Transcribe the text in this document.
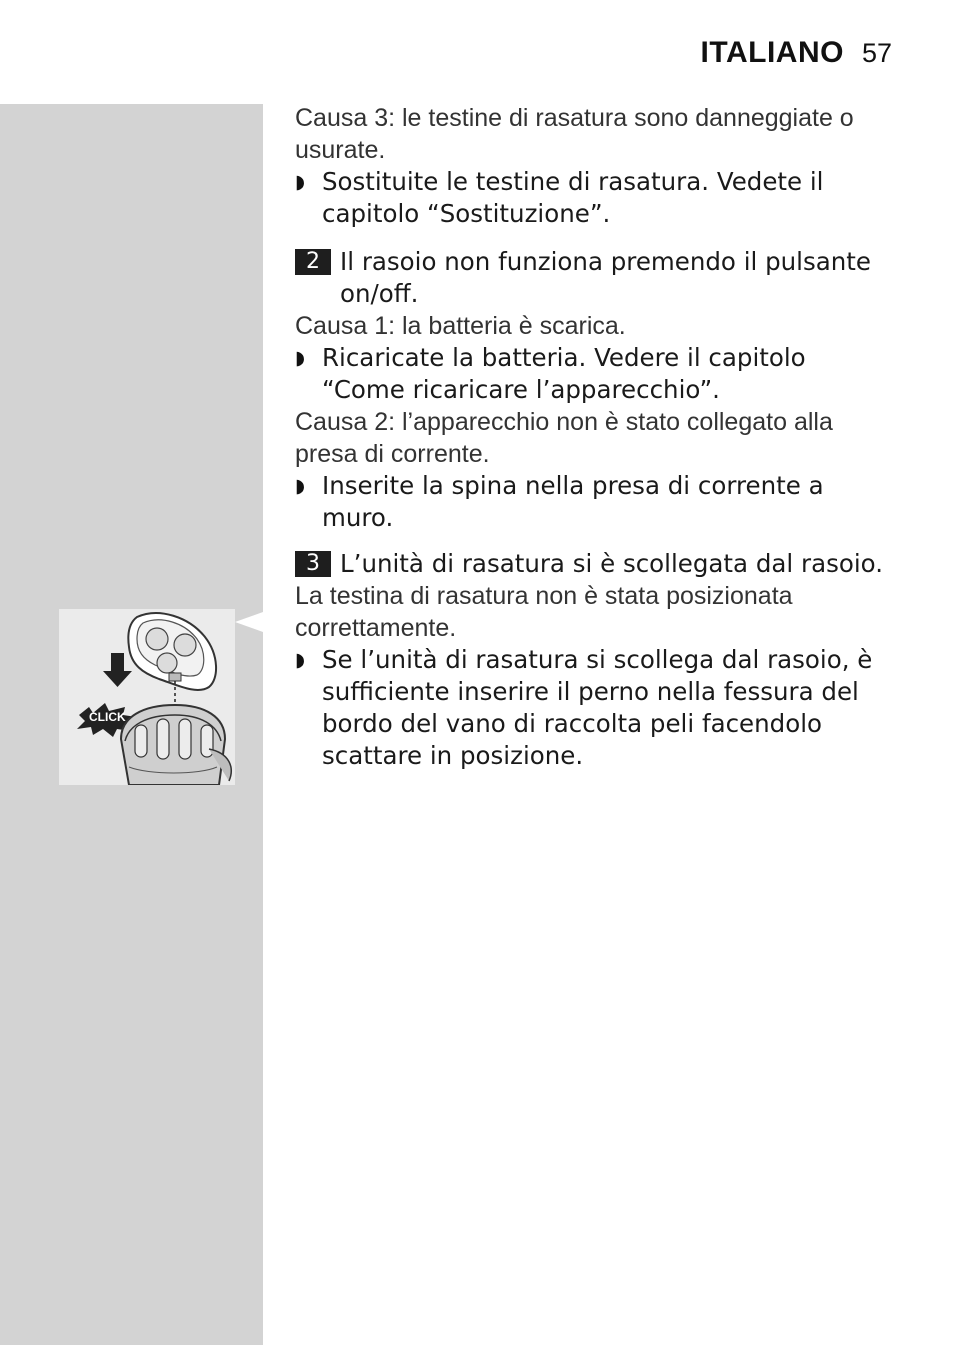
ITALIANO 57
CLICK

Causa 3: le testine di rasatura sono danneggiate o usurate.

◗ Sostituite le testine di rasatura. Vedete il capitolo “Sostituzione”.
2 Il rasoio non funziona premendo il pulsante on/off.

Causa 1: la batteria è scarica.

◗ Ricaricate la batteria. Vedere il capitolo “Come ricaricare l’apparecchio”.

Causa 2: l’apparecchio non è stato collegato alla presa di corrente.

◗ Inserite la spina nella presa di corrente a muro.
3 L’unità di rasatura si è scollegata dal rasoio.

La testina di rasatura non è stata posizionata correttamente.

◗ Se l’unità di rasatura si scollega dal rasoio, è sufficiente inserire il perno nella fessura del bordo del vano di raccolta peli facendolo scattare in posizione.
